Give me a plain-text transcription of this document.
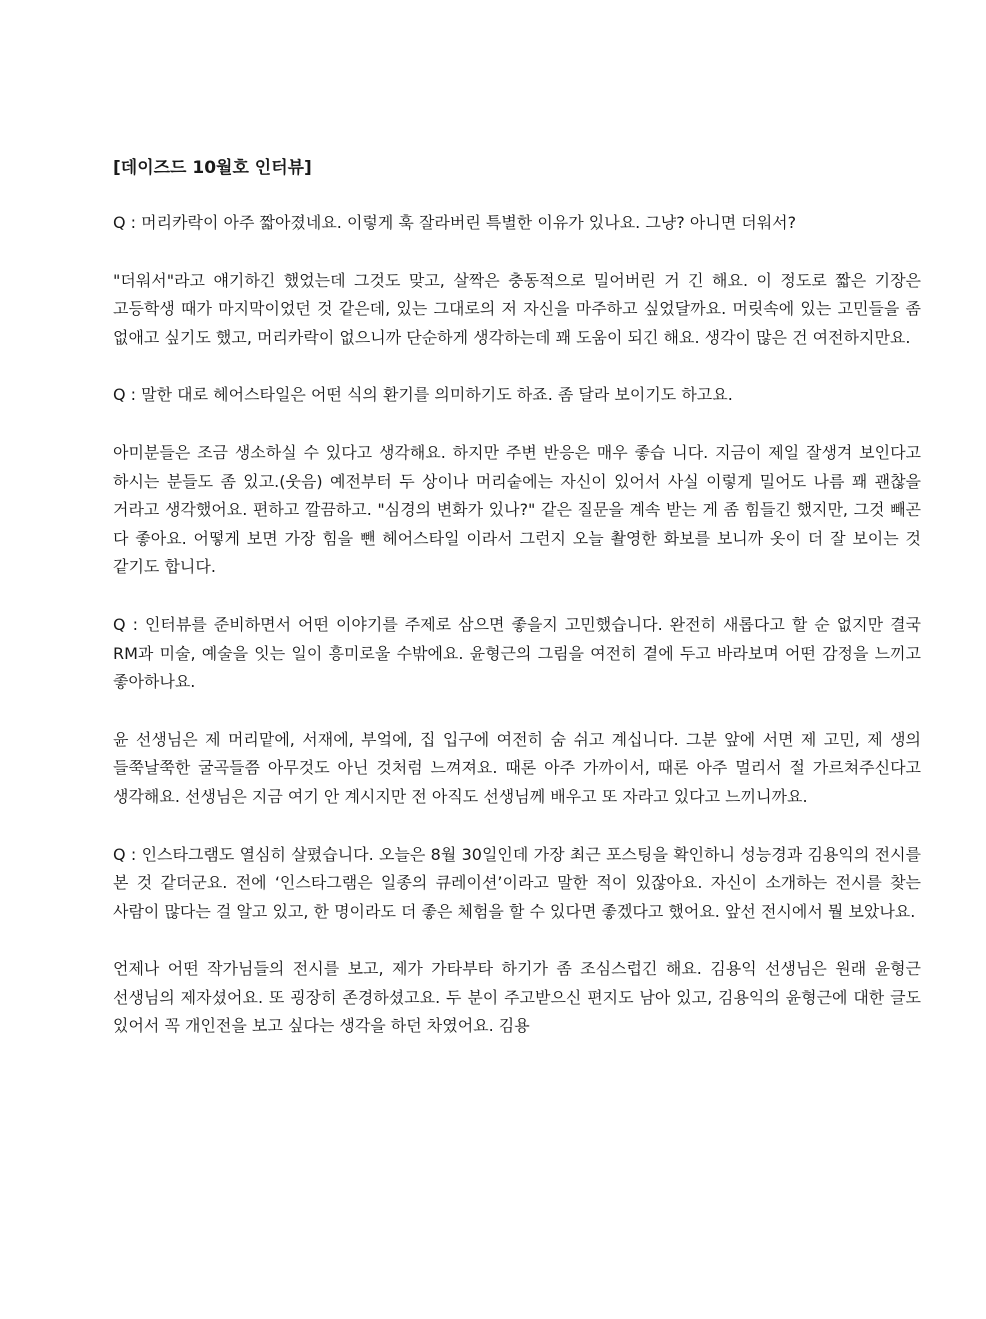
[데이즈드 10월호 인터뷰]

Q : 머리카락이 아주 짧아졌네요. 이렇게 훅 잘라버린 특별한 이유가 있나요. 그냥? 아니면 더워서?

"더워서"라고 얘기하긴 했었는데 그것도 맞고, 살짝은 충동적으로 밀어버린 거 긴 해요. 이 정도로 짧은 기장은 고등학생 때가 마지막이었던 것 같은데, 있는 그대로의 저 자신을 마주하고 싶었달까요. 머릿속에 있는 고민들을 좀 없애고 싶기도 했고, 머리카락이 없으니까 단순하게 생각하는데 꽤 도움이 되긴 해요. 생각이 많은 건 여전하지만요.

Q : 말한 대로 헤어스타일은 어떤 식의 환기를 의미하기도 하죠. 좀 달라 보이기도 하고요.

아미분들은 조금 생소하실 수 있다고 생각해요. 하지만 주변 반응은 매우 좋습 니다. 지금이 제일 잘생겨 보인다고 하시는 분들도 좀 있고.(웃음) 예전부터 두 상이나 머리숱에는 자신이 있어서 사실 이렇게 밀어도 나름 꽤 괜찮을 거라고 생각했어요. 편하고 깔끔하고. "심경의 변화가 있나?" 같은 질문을 계속 받는 게 좀 힘들긴 했지만, 그것 빼곤 다 좋아요. 어떻게 보면 가장 힘을 뺀 헤어스타일 이라서 그런지 오늘 촬영한 화보를 보니까 옷이 더 잘 보이는 것 같기도 합니다.

Q : 인터뷰를 준비하면서 어떤 이야기를 주제로 삼으면 좋을지 고민했습니다. 완전히 새롭다고 할 순 없지만 결국 RM과 미술, 예술을 잇는 일이 흥미로울 수밖에요. 윤형근의 그림을 여전히 곁에 두고 바라보며 어떤 감정을 느끼고 좋아하나요.

윤 선생님은 제 머리맡에, 서재에, 부엌에, 집 입구에 여전히 숨 쉬고 계십니다. 그분 앞에 서면 제 고민, 제 생의 들쭉날쭉한 굴곡들쯤 아무것도 아닌 것처럼 느껴져요. 때론 아주 가까이서, 때론 아주 멀리서 절 가르쳐주신다고 생각해요. 선생님은 지금 여기 안 계시지만 전 아직도 선생님께 배우고 또 자라고 있다고 느끼니까요.

Q : 인스타그램도 열심히 살폈습니다. 오늘은 8월 30일인데 가장 최근 포스팅을 확인하니 성능경과 김용익의 전시를 본 것 같더군요. 전에 ‘인스타그램은 일종의 큐레이션’이라고 말한 적이 있잖아요. 자신이 소개하는 전시를 찾는 사람이 많다는 걸 알고 있고, 한 명이라도 더 좋은 체험을 할 수 있다면 좋겠다고 했어요. 앞선 전시에서 뭘 보았나요.

언제나 어떤 작가님들의 전시를 보고, 제가 가타부타 하기가 좀 조심스럽긴 해요. 김용익 선생님은 원래 윤형근 선생님의 제자셨어요. 또 굉장히 존경하셨고요. 두 분이 주고받으신 편지도 남아 있고, 김용익의 윤형근에 대한 글도 있어서 꼭 개인전을 보고 싶다는 생각을 하던 차였어요. 김용
